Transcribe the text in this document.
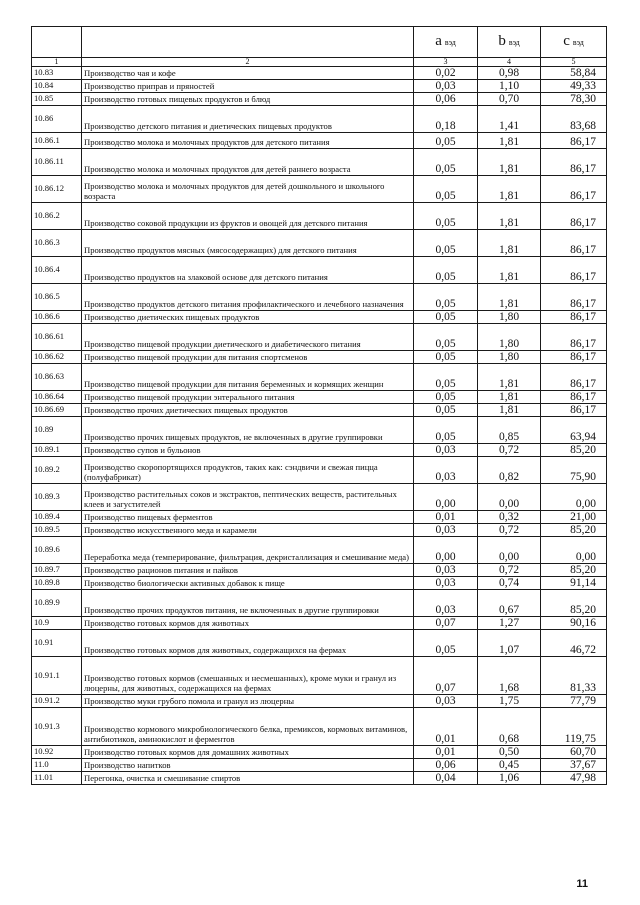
		a вэд	b вэд	c вэд
1	2	3	4	5
10.83	Производство чая и кофе	0,02	0,98	58,84
10.84	Производство приправ и пряностей	0,03	1,10	49,33
10.85	Производство готовых пищевых продуктов и блюд	0,06	0,70	78,30
10.86	Производство детского питания и диетических пищевых продуктов	0,18	1,41	83,68
10.86.1	Производство молока и молочных продуктов для детского питания	0,05	1,81	86,17
10.86.11	Производство молока и молочных продуктов для детей раннего возраста	0,05	1,81	86,17
10.86.12	Производство молока и молочных продуктов для детей дошкольного и школьного возраста	0,05	1,81	86,17
10.86.2	Производство соковой продукции из фруктов и овощей для детского питания	0,05	1,81	86,17
10.86.3	Производство продуктов мясных (мясосодержащих) для детского питания	0,05	1,81	86,17
10.86.4	Производство продуктов на злаковой основе для детского питания	0,05	1,81	86,17
10.86.5	Производство продуктов детского питания профилактического и лечебного назначения	0,05	1,81	86,17
10.86.6	Производство диетических пищевых продуктов	0,05	1,80	86,17
10.86.61	Производство пищевой продукции диетического и диабетического питания	0,05	1,80	86,17
10.86.62	Производство пищевой продукции для питания спортсменов	0,05	1,80	86,17
10.86.63	Производство пищевой продукции для питания беременных и кормящих женщин	0,05	1,81	86,17
10.86.64	Производство пищевой продукции энтерального питания	0,05	1,81	86,17
10.86.69	Производство прочих диетических пищевых продуктов	0,05	1,81	86,17
10.89	Производство прочих пищевых продуктов, не включенных в другие группировки	0,05	0,85	63,94
10.89.1	Производство супов и бульонов	0,03	0,72	85,20
10.89.2	Производство скоропортящихся продуктов, таких как: сэндвичи и свежая пицца (полуфабрикат)	0,03	0,82	75,90
10.89.3	Производство растительных соков и экстрактов, пептических веществ, растительных клеев и загустителей	0,00	0,00	0,00
10.89.4	Производство пищевых ферментов	0,01	0,32	21,00
10.89.5	Производство искусственного меда и карамели	0,03	0,72	85,20
10.89.6	Переработка меда (темперирование, фильтрация, декристаллизация и смешивание меда)	0,00	0,00	0,00
10.89.7	Производство рационов питания и пайков	0,03	0,72	85,20
10.89.8	Производство биологически активных добавок к пище	0,03	0,74	91,14
10.89.9	Производство прочих продуктов питания, не включенных в другие группировки	0,03	0,67	85,20
10.9	Производство готовых кормов для животных	0,07	1,27	90,16
10.91	Производство готовых кормов для животных, содержащихся на фермах	0,05	1,07	46,72
10.91.1	Производство готовых кормов (смешанных и несмешанных), кроме муки и гранул из люцерны, для животных, содержащихся на фермах	0,07	1,68	81,33
10.91.2	Производство муки грубого помола и гранул из люцерны	0,03	1,75	77,79
10.91.3	Производство кормового микробиологического белка, премиксов, кормовых витаминов, антибиотиков, аминокислот и ферментов	0,01	0,68	119,75
10.92	Производство готовых кормов для домашних животных	0,01	0,50	60,70
11.0	Производство напитков	0,06	0,45	37,67
11.01	Перегонка, очистка и смешивание спиртов	0,04	1,06	47,98
11
